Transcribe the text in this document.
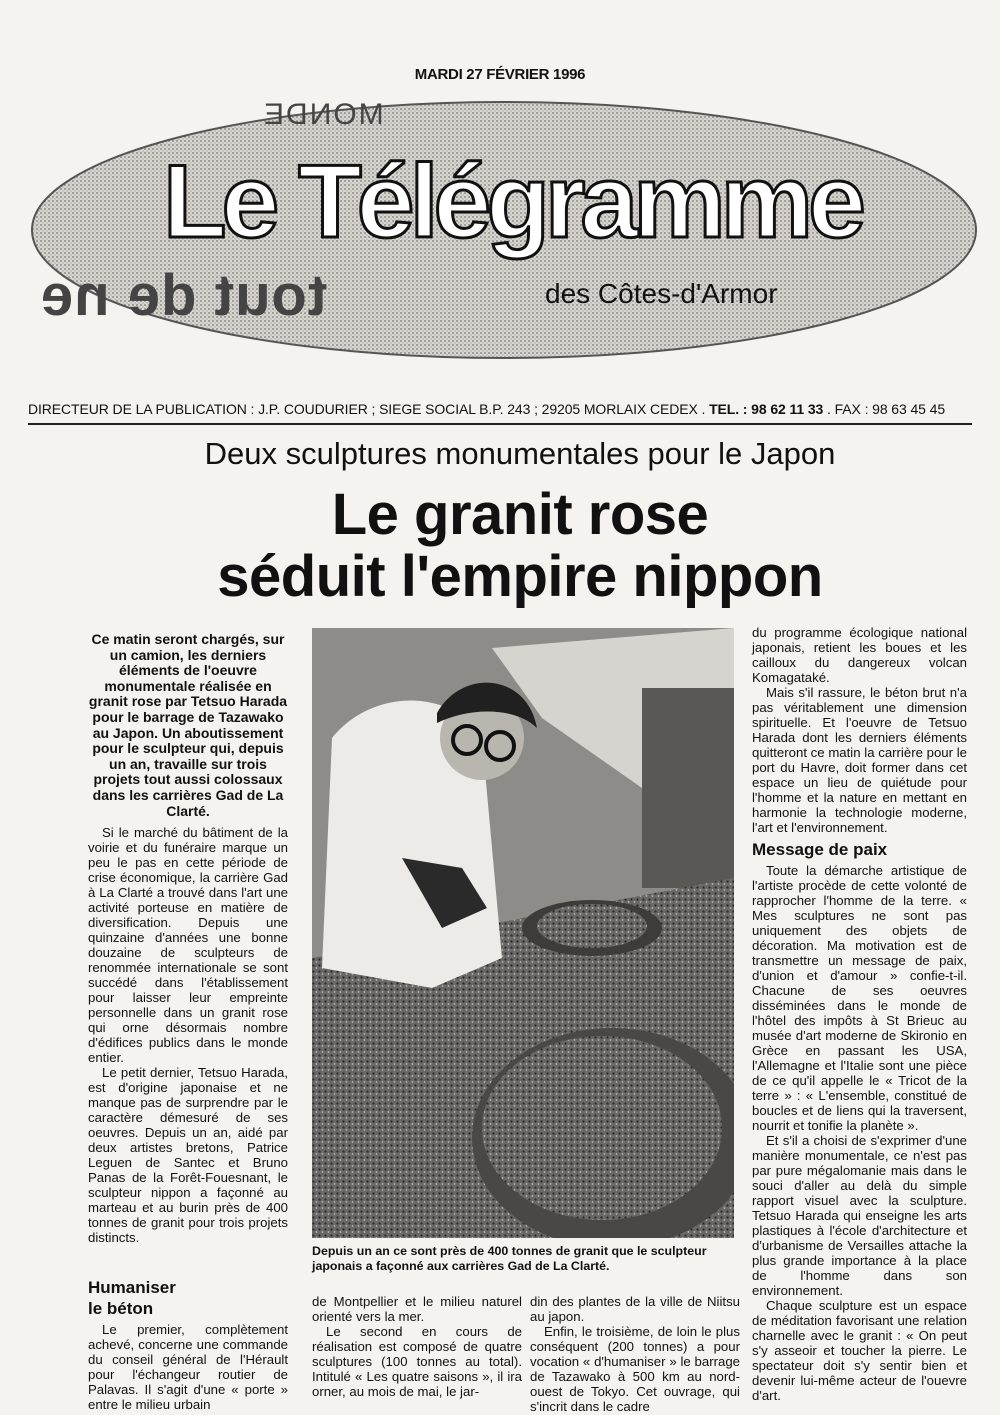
MARDI 27 FÉVRIER 1996
MONDE
tout de ne
Le Télégramme
des Côtes-d'Armor
DIRECTEUR DE LA PUBLICATION : J.P. COUDURIER ; SIEGE SOCIAL B.P. 243 ; 29205 MORLAIX CEDEX . TEL. : 98 62 11 33 . FAX : 98 63 45 45
Deux sculptures monumentales pour le Japon
Le granit rose
séduit l'empire nippon
Ce matin seront chargés, sur un camion, les derniers éléments de l'oeuvre monumentale réalisée en granit rose par Tetsuo Harada pour le barrage de Tazawako au Japon. Un aboutissement pour le sculpteur qui, depuis un an, travaille sur trois projets tout aussi colossaux dans les carrières Gad de La Clarté.

Si le marché du bâtiment de la voirie et du funéraire marque un peu le pas en cette période de crise économique, la carrière Gad à La Clarté a trouvé dans l'art une activité porteuse en matière de diversification. Depuis une quinzaine d'années une bonne douzaine de sculpteurs de renommée internationale se sont succédé dans l'établissement pour laisser leur empreinte personnelle dans un granit rose qui orne désormais nombre d'édifices publics dans le monde entier.

Le petit dernier, Tetsuo Harada, est d'origine japonaise et ne manque pas de surprendre par le caractère démesuré de ses oeuvres. Depuis un an, aidé par deux artistes bretons, Patrice Leguen de Santec et Bruno Panas de la Forêt-Fouesnant, le sculpteur nippon a façonné au marteau et au burin près de 400 tonnes de granit pour trois projets distincts.

Humaniser
le béton

Le premier, complètement achevé, concerne une commande du conseil général de l'Hérault pour l'échangeur routier de Palavas. Il s'agit d'une « porte » entre le milieu urbain

Depuis un an ce sont près de 400 tonnes de granit que le sculpteur japonais a façonné aux carrières Gad de La Clarté.

de Montpellier et le milieu naturel orienté vers la mer.

Le second en cours de réalisation est composé de quatre sculptures (100 tonnes au total). Intitulé « Les quatre saisons », il ira orner, au mois de mai, le jar-

din des plantes de la ville de Niitsu au japon.

Enfin, le troisième, de loin le plus conséquent (200 tonnes) a pour vocation « d'humaniser » le barrage de Tazawako à 500 km au nord-ouest de Tokyo. Cet ouvrage, qui s'incrit dans le cadre

du programme écologique national japonais, retient les boues et les cailloux du dangereux volcan Komagataké.

Mais s'il rassure, le béton brut n'a pas véritablement une dimension spirituelle. Et l'oeuvre de Tetsuo Harada dont les derniers éléments quitteront ce matin la carrière pour le port du Havre, doit former dans cet espace un lieu de quiétude pour l'homme et la nature en mettant en harmonie la technologie moderne, l'art et l'environnement.

Message de paix

Toute la démarche artistique de l'artiste procède de cette volonté de rapprocher l'homme de la terre. « Mes sculptures ne sont pas uniquement des objets de décoration. Ma motivation est de transmettre un message de paix, d'union et d'amour » confie-t-il. Chacune de ses oeuvres disséminées dans le monde de l'hôtel des impôts à St Brieuc au musée d'art moderne de Skironio en Grèce en passant les USA, l'Allemagne et l'Italie sont une pièce de ce qu'il appelle le « Tricot de la terre » : « L'ensemble, constitué de boucles et de liens qui la traversent, nourrit et tonifie la planète ».

Et s'il a choisi de s'exprimer d'une manière monumentale, ce n'est pas par pure mégalomanie mais dans le souci d'aller au delà du simple rapport visuel avec la sculpture. Tetsuo Harada qui enseigne les arts plastiques à l'école d'architecture et d'urbanisme de Versailles attache la plus grande importance à la place de l'homme dans son environnement.

Chaque sculpture est un espace de méditation favorisant une relation charnelle avec le granit : « On peut s'y asseoir et toucher la pierre. Le spectateur doit s'y sentir bien et devenir lui-même acteur de l'ouevre d'art.
